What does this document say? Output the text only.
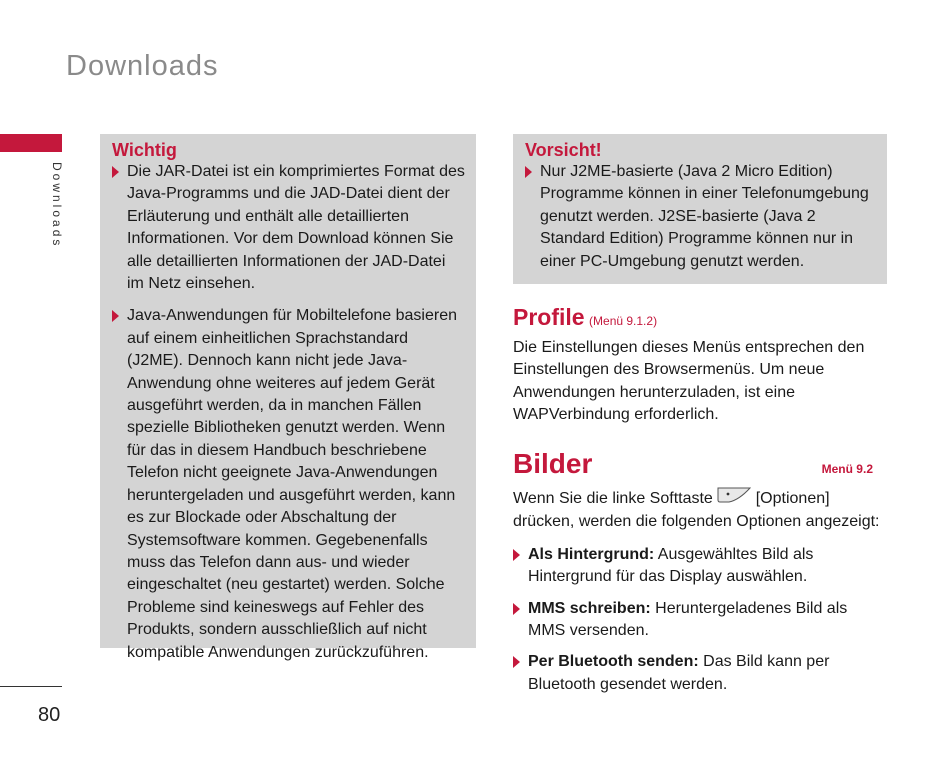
Downloads
Downloads
80
Wichtig
Die JAR-Datei ist ein komprimiertes Format des Java-Programms und die JAD-Datei dient der Erläuterung und enthält alle detaillierten Informationen. Vor dem Download können Sie alle detaillierten Informationen der JAD-Datei im Netz einsehen.
Java-Anwendungen für Mobiltelefone basieren auf einem einheitlichen Sprachstandard (J2ME). Dennoch kann nicht jede Java-Anwendung ohne weiteres auf jedem Gerät ausgeführt werden, da in manchen Fällen spezielle Bibliotheken genutzt werden. Wenn für das in diesem Handbuch beschriebene Telefon nicht geeignete Java-Anwendungen heruntergeladen und ausgeführt werden, kann es zur Blockade oder Abschaltung der Systemsoftware kommen. Gegebenenfalls muss das Telefon dann aus- und wieder eingeschaltet (neu gestartet) werden. Solche Probleme sind keineswegs auf Fehler des Produkts, sondern ausschließlich auf nicht kompatible Anwendungen zurückzuführen.
Vorsicht!
Nur J2ME-basierte (Java 2 Micro Edition) Programme können in einer Telefonumgebung genutzt werden. J2SE-basierte (Java 2 Standard Edition) Programme können nur in einer PC-Umgebung genutzt werden.
Profile (Menü 9.1.2)
Die Einstellungen dieses Menüs entsprechen den Einstellungen des Browsermenüs. Um neue Anwendungen herunterzuladen, ist eine WAPVerbindung erforderlich.
Bilder	Menü 9.2
Wenn Sie die linke Softtaste	[Optionen] drücken, werden die folgenden Optionen angezeigt:
Als Hintergrund: Ausgewähltes Bild als Hintergrund für das Display auswählen.
MMS schreiben: Heruntergeladenes Bild als MMS versenden.
Per Bluetooth senden: Das Bild kann per Bluetooth gesendet werden.
